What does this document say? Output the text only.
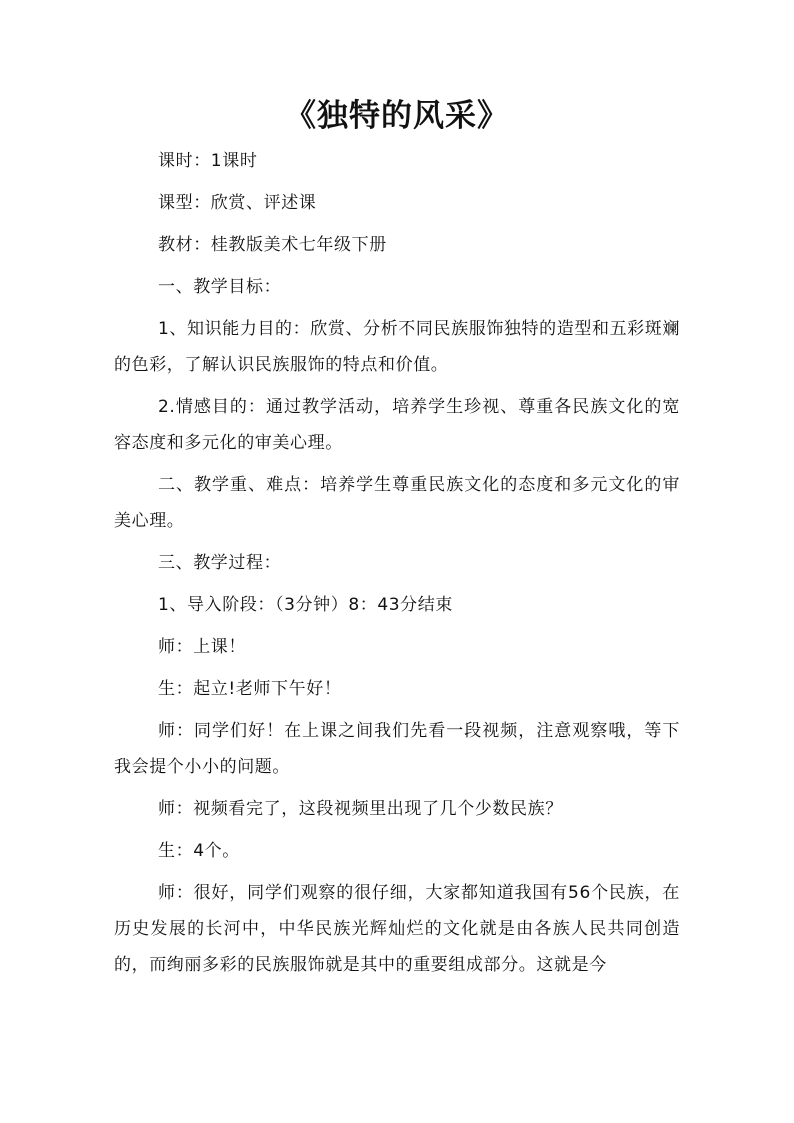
《独特的风采》

课时：1课时

课型：欣赏、评述课

教材：桂教版美术七年级下册

一、教学目标：

1、知识能力目的：欣赏、分析不同民族服饰独特的造型和五彩斑斓的色彩，了解认识民族服饰的特点和价值。

2.情感目的：通过教学活动，培养学生珍视、尊重各民族文化的宽容态度和多元化的审美心理。

二、教学重、难点：培养学生尊重民族文化的态度和多元文化的审美心理。

三、教学过程：

1、导入阶段：（3分钟）8：43分结束

师：上课！

生：起立!老师下午好！

师：同学们好！在上课之间我们先看一段视频，注意观察哦，等下我会提个小小的问题。

师：视频看完了，这段视频里出现了几个少数民族？

生：4个。

师：很好，同学们观察的很仔细，大家都知道我国有56个民族，在历史发展的长河中，中华民族光辉灿烂的文化就是由各族人民共同创造的，而绚丽多彩的民族服饰就是其中的重要组成部分。这就是今
